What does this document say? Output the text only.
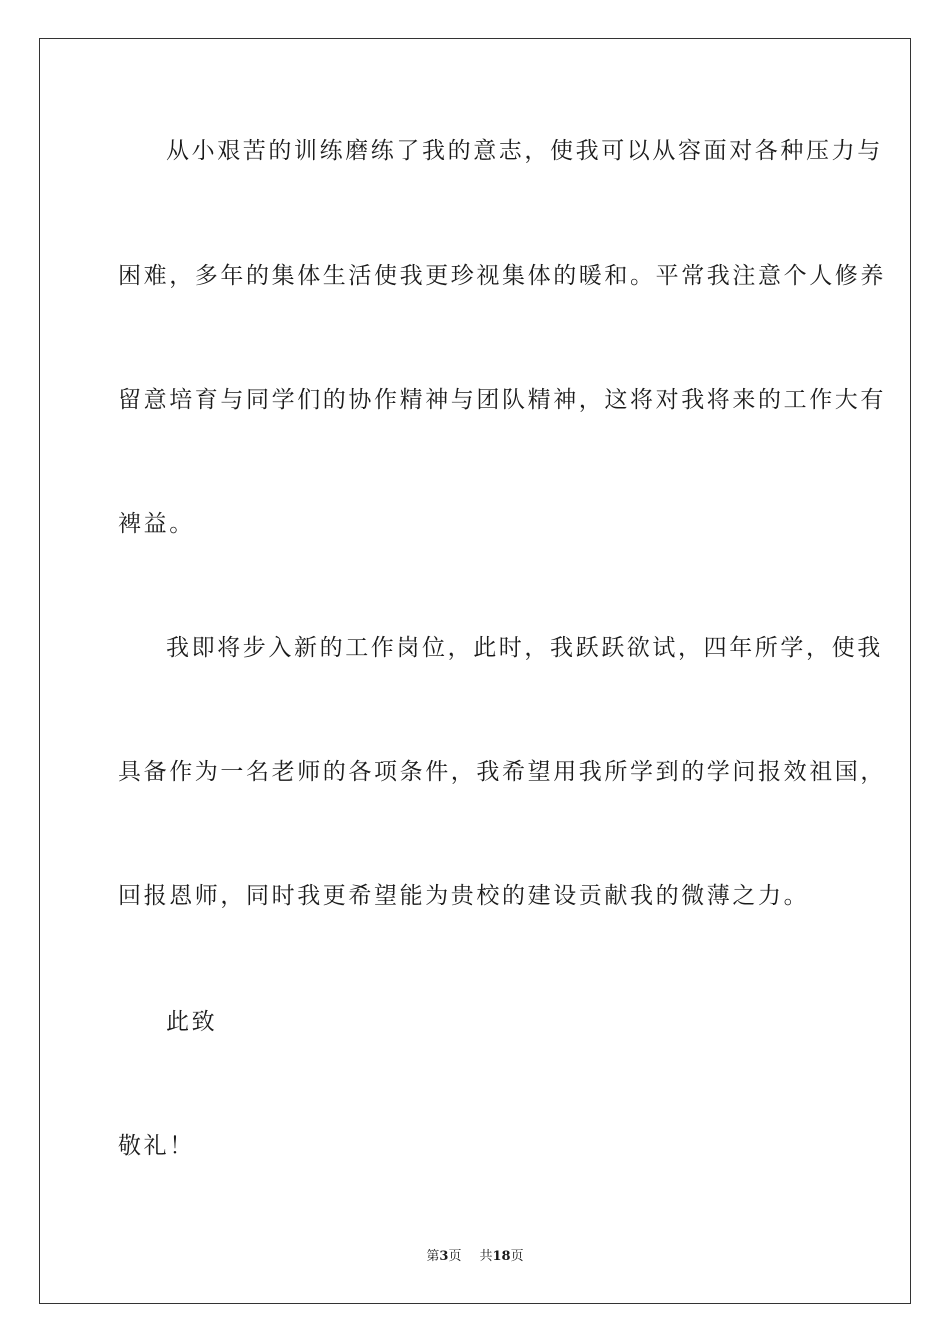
从小艰苦的训练磨练了我的意志，使我可以从容面对各种压力与

困难，多年的集体生活使我更珍视集体的暖和。平常我注意个人修养

留意培育与同学们的协作精神与团队精神，这将对我将来的工作大有

裨益。

我即将步入新的工作岗位，此时，我跃跃欲试，四年所学，使我

具备作为一名老师的各项条件，我希望用我所学到的学问报效祖国，

回报恩师，同时我更希望能为贵校的建设贡献我的微薄之力。

此致

敬礼！

第3页 共18页
